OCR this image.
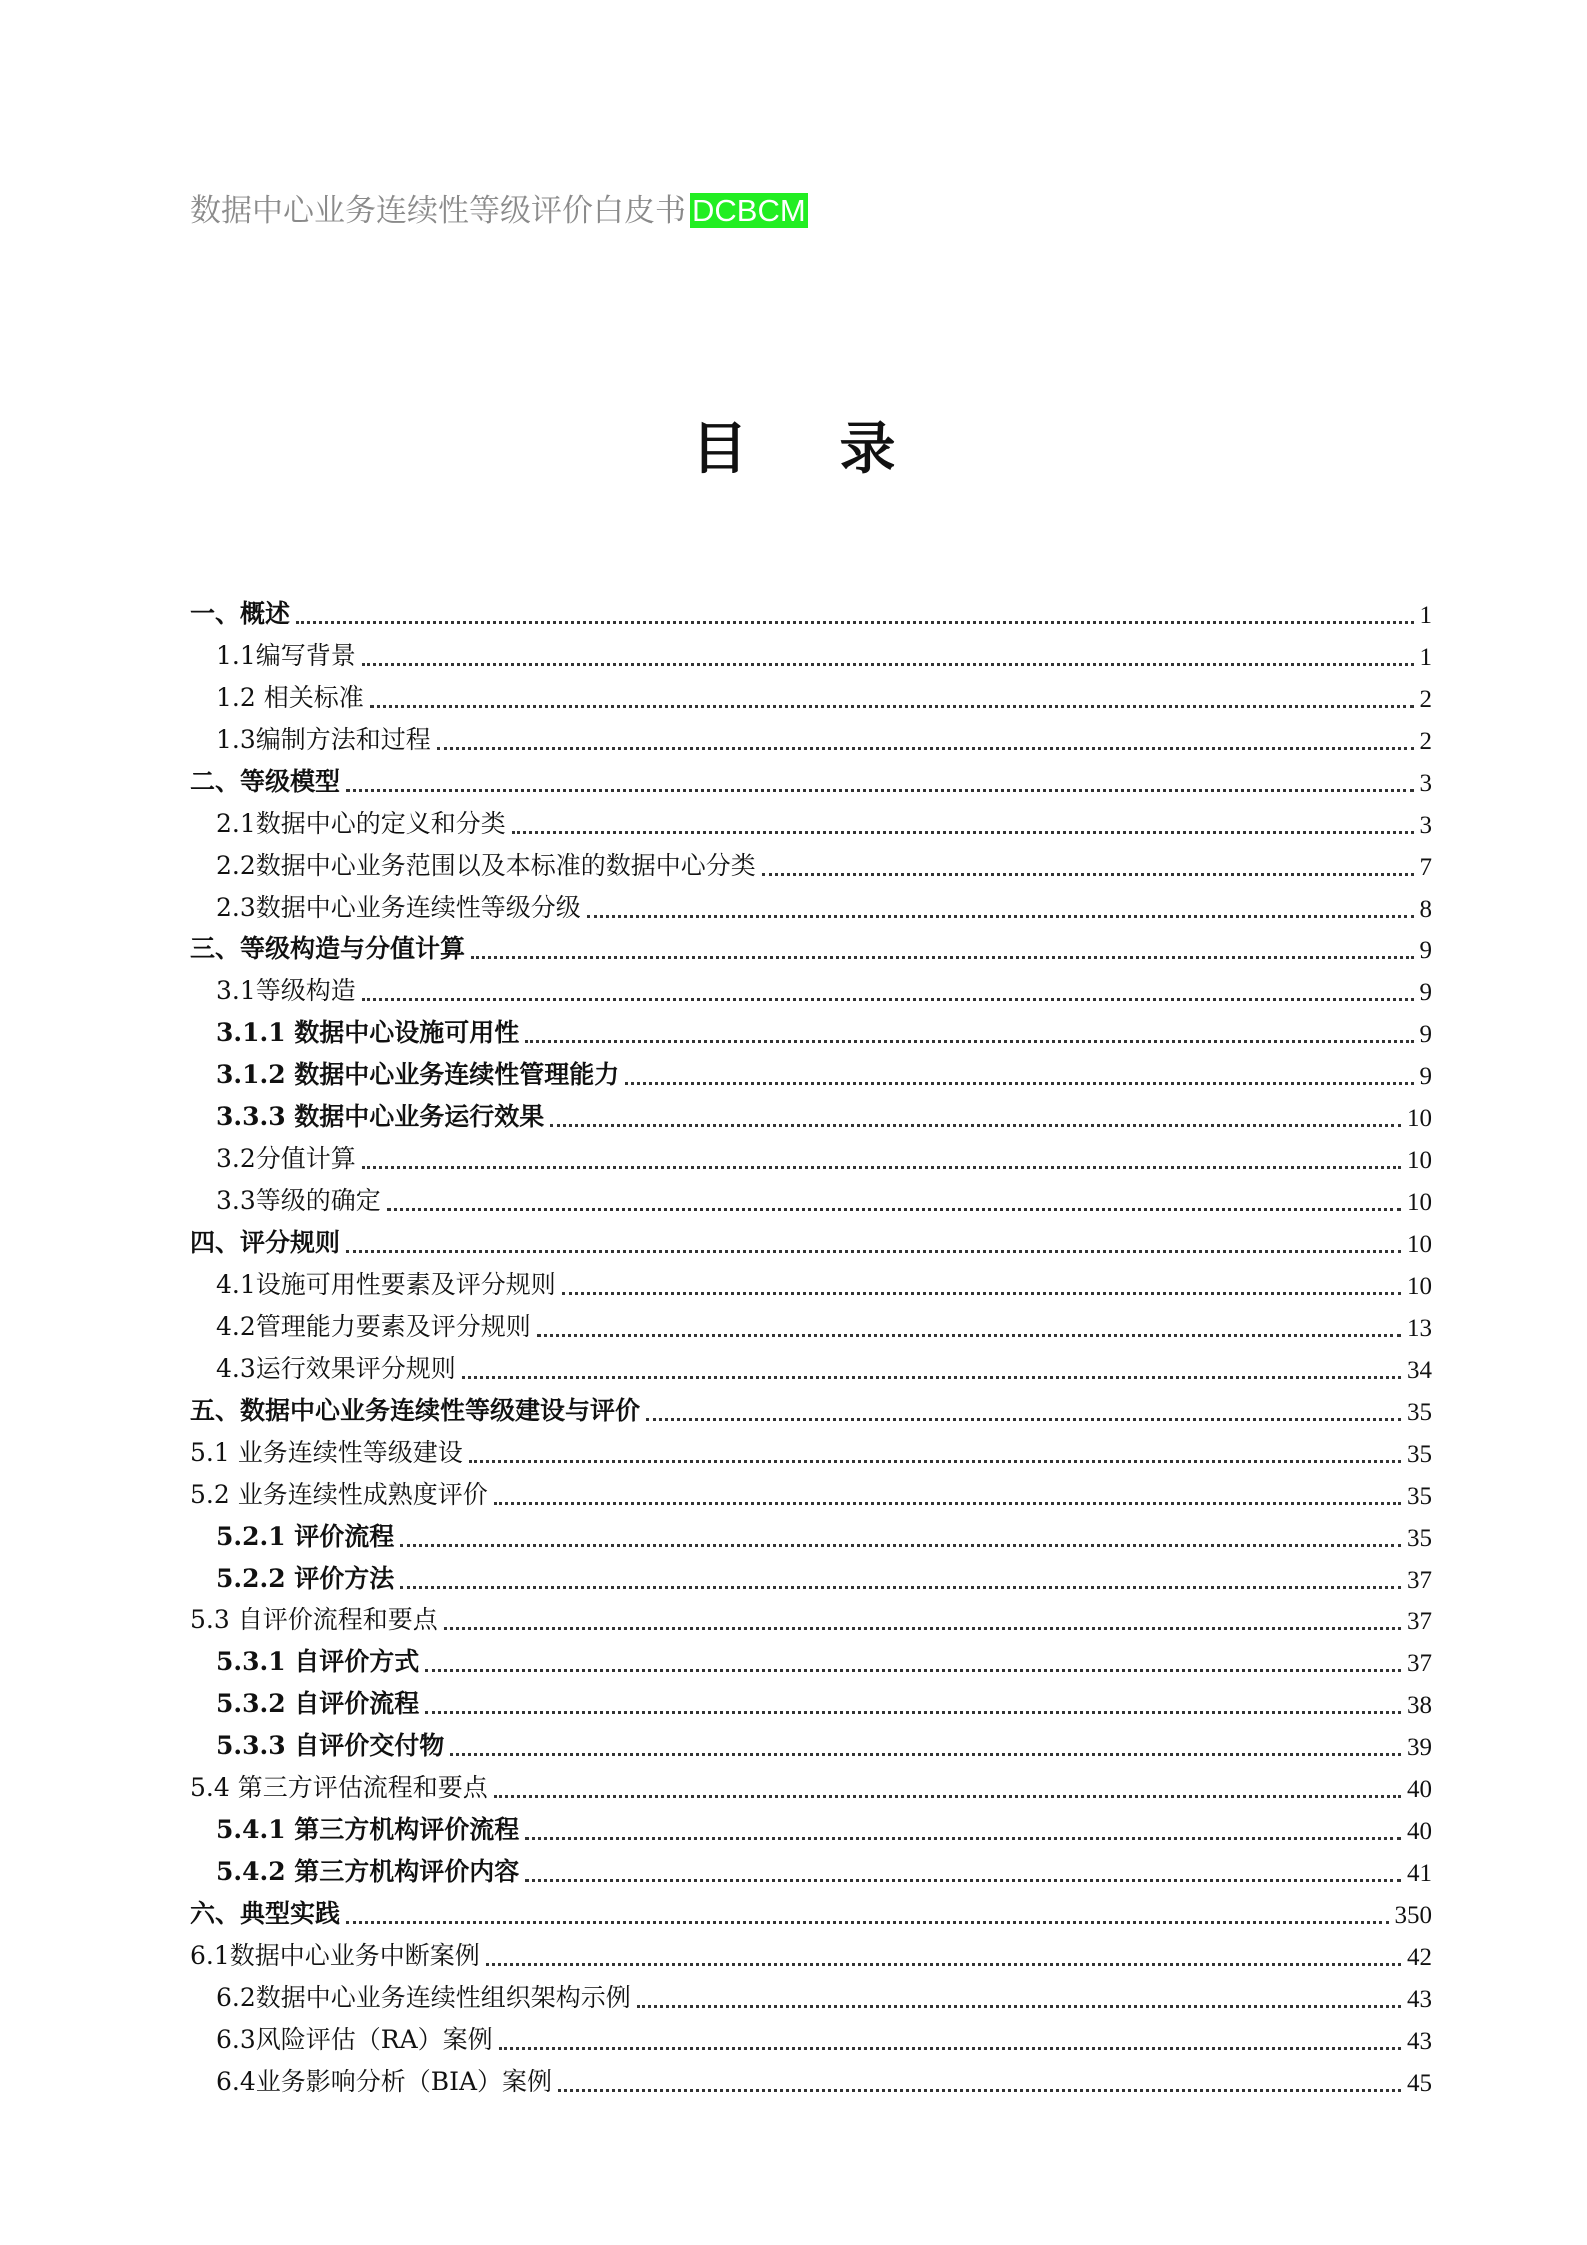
数据中心业务连续性等级评价白皮书 DCBCM
目 录
一、概述	1
1.1编写背景	1
1.2 相关标准	2
1.3编制方法和过程	2
二、等级模型	3
2.1数据中心的定义和分类	3
2.2数据中心业务范围以及本标准的数据中心分类	7
2.3数据中心业务连续性等级分级	8
三、等级构造与分值计算	9
3.1等级构造	9
3.1.1 数据中心设施可用性	9
3.1.2 数据中心业务连续性管理能力	9
3.3.3 数据中心业务运行效果	10
3.2分值计算	10
3.3等级的确定	10
四、评分规则	10
4.1设施可用性要素及评分规则	10
4.2管理能力要素及评分规则	13
4.3运行效果评分规则	34
五、数据中心业务连续性等级建设与评价	35
5.1 业务连续性等级建设	35
5.2 业务连续性成熟度评价	35
5.2.1 评价流程	35
5.2.2 评价方法	37
5.3 自评价流程和要点	37
5.3.1 自评价方式	37
5.3.2 自评价流程	38
5.3.3 自评价交付物	39
5.4 第三方评估流程和要点	40
5.4.1 第三方机构评价流程	40
5.4.2 第三方机构评价内容	41
六、典型实践	350
6.1数据中心业务中断案例	42
6.2数据中心业务连续性组织架构示例	43
6.3风险评估（RA）案例	43
6.4业务影响分析（BIA）案例	45
